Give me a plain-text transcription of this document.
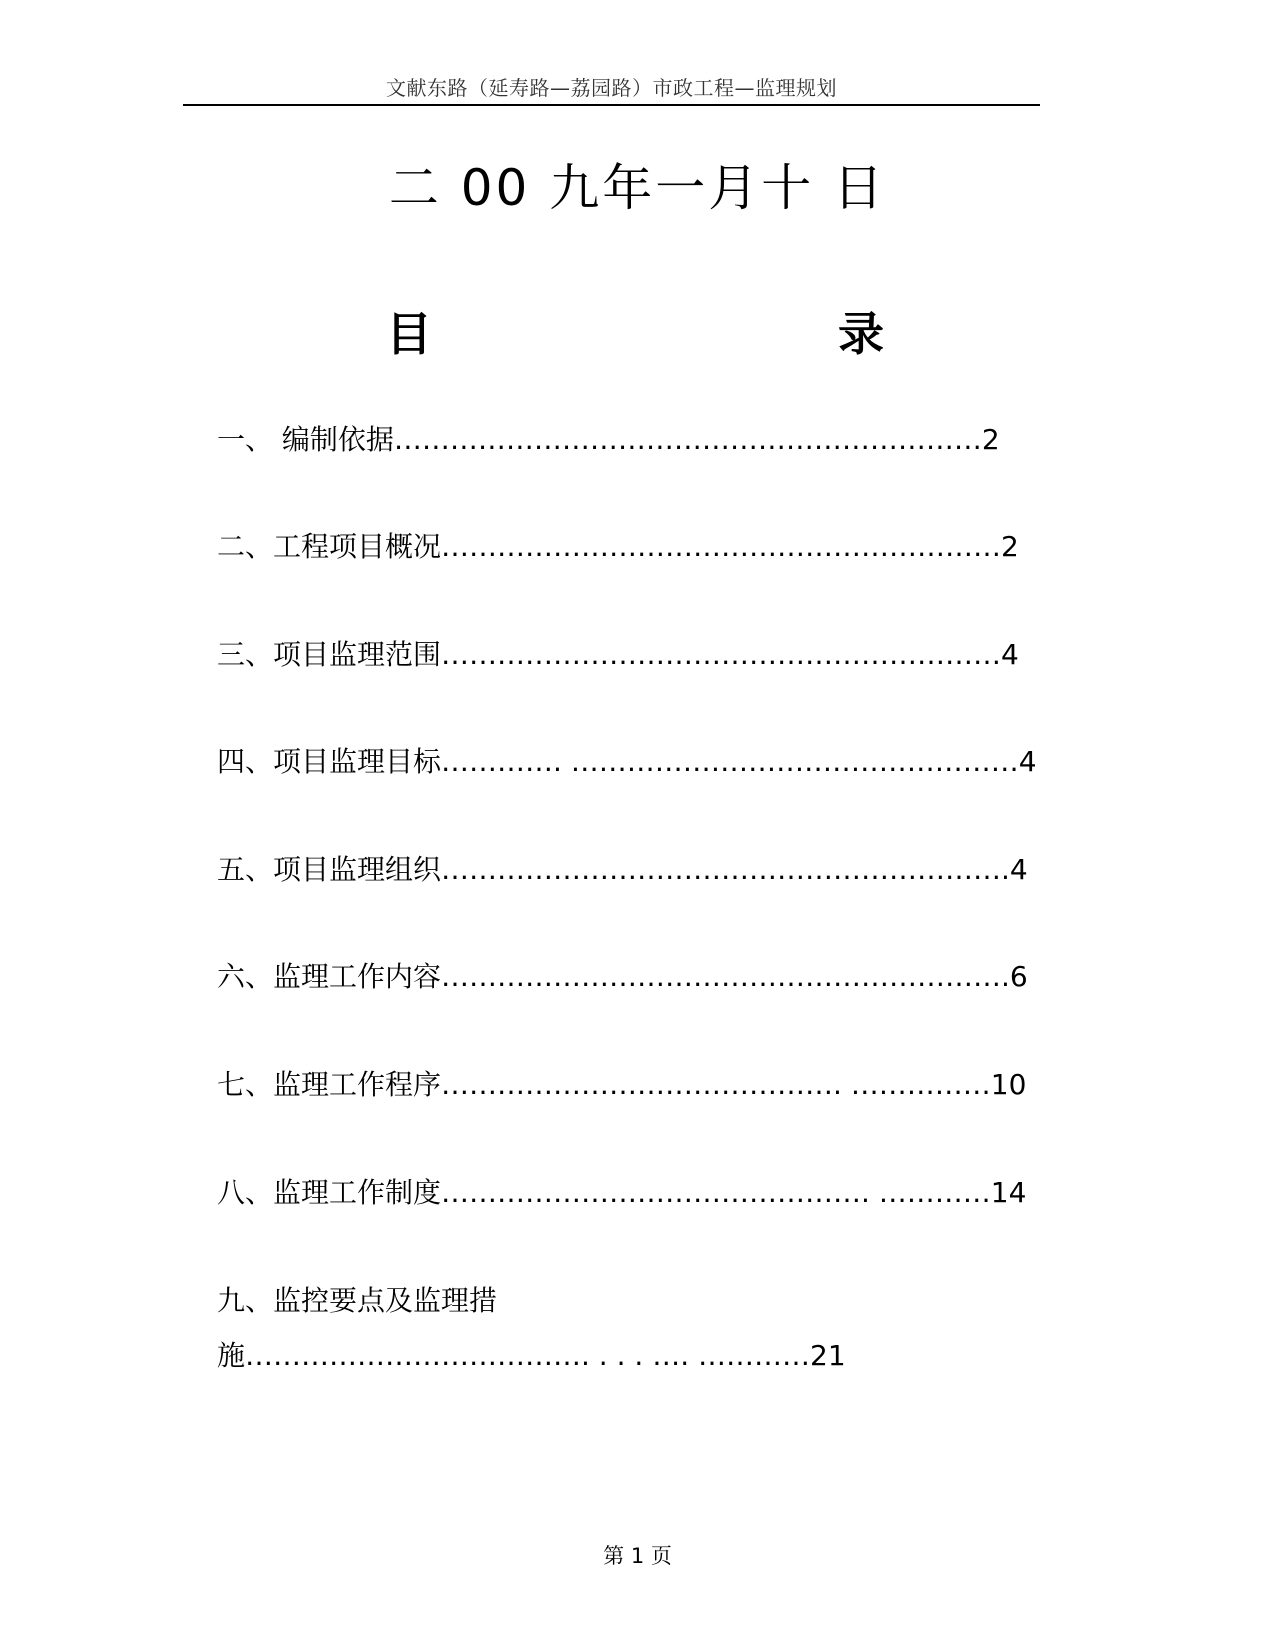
文献东路（延寿路—荔园路）市政工程—监理规划
二 00 九年一月十 日
目	录
一、 编制依据………………………………………………………2
二、工程项目概况……………………………………………………2
三、项目监理范围……………………………………………………4
四、项目监理目标…………. …………………………………………4
五、项目监理组织…………………………………………………….4
六、监理工作内容…………………………………………………….6
七、监理工作程序……………………………………. ……………10
八、监理工作制度………………………………………. …………14
九、监控要点及监理措
施………………………………. . . . …. …………21
第 1 页
